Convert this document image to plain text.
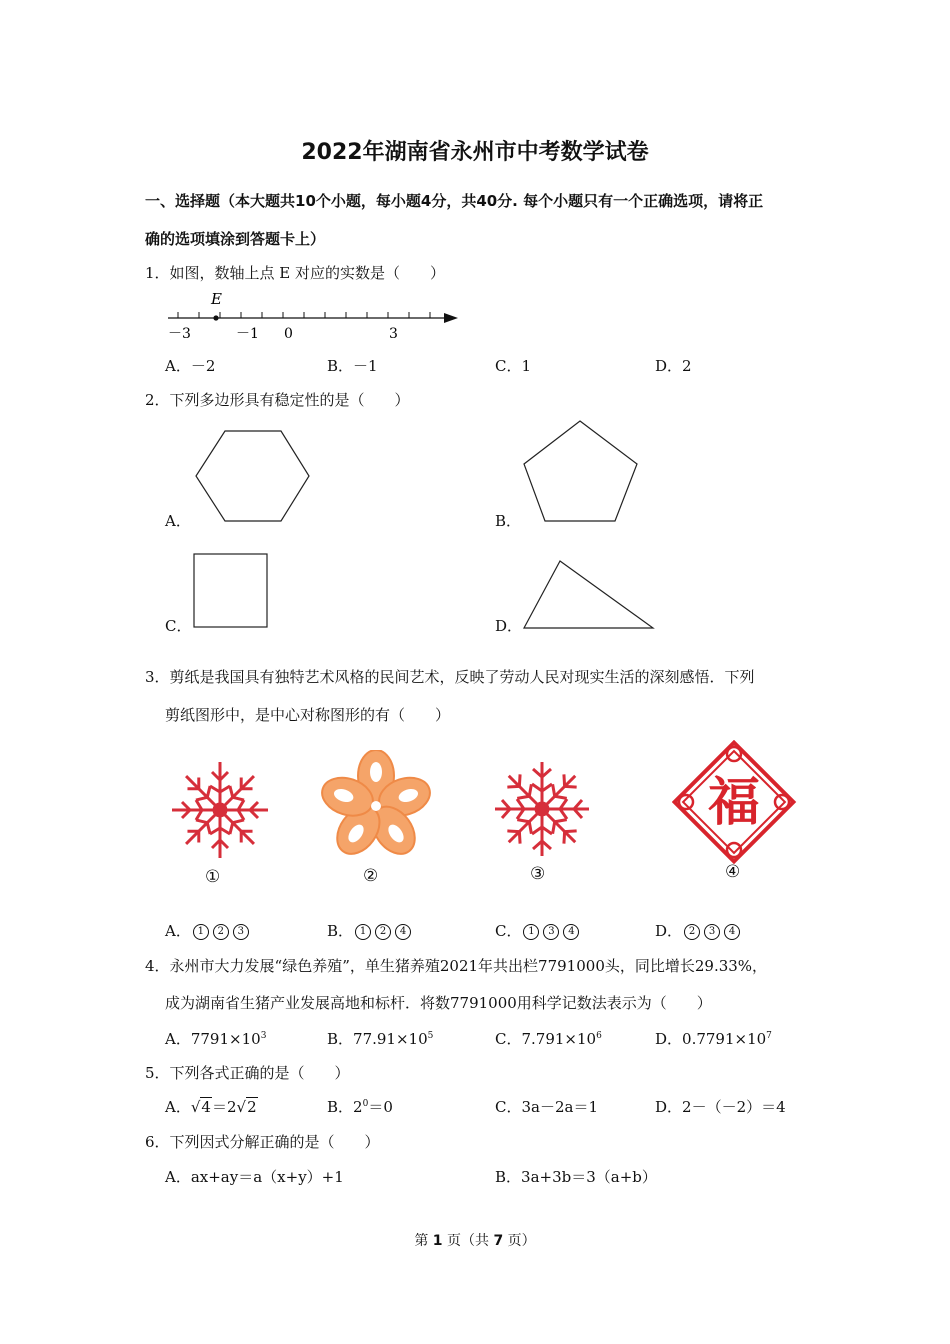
2022年湖南省永州市中考数学试卷
一、选择题（本大题共10个小题，每小题4分，共40分. 每个小题只有一个正确选项，请将正
确的选项填涂到答题卡上）
1．如图，数轴上点 E 对应的实数是（　　）
E
－3	－1 0	3
A．－2	B．－1	C．1	D．2
2．下列多边形具有稳定性的是（　　）
A．	B．
C．	D．
3．剪纸是我国具有独特艺术风格的民间艺术，反映了劳动人民对现实生活的深刻感悟．下列
剪纸图形中，是中心对称图形的有（　　）
①	②	③
福
④
A． 1 2 3	B． 1 2 4	C． 1 3 4	D． 2 3 4
4．永州市大力发展“绿色养殖”，单生猪养殖2021年共出栏7791000头，同比增长29.33%，
成为湖南省生猪产业发展高地和标杆．将数7791000用科学记数法表示为（　　）
A．$7791\times 10^3$	B．$77.91\times 10^5$	C．$7.791\times 10^6$	D．$0.7791\times 10^7$
5．下列各式正确的是（　　）
A．√4＝2√2	B．$2^0=0$	C．3a－2a＝1	D．2－（－2）＝4
6．下列因式分解正确的是（　　）
A．ax+ay＝a（x+y）+1	B．3a+3b＝3（a+b）
第 1 页（共 7 页）
